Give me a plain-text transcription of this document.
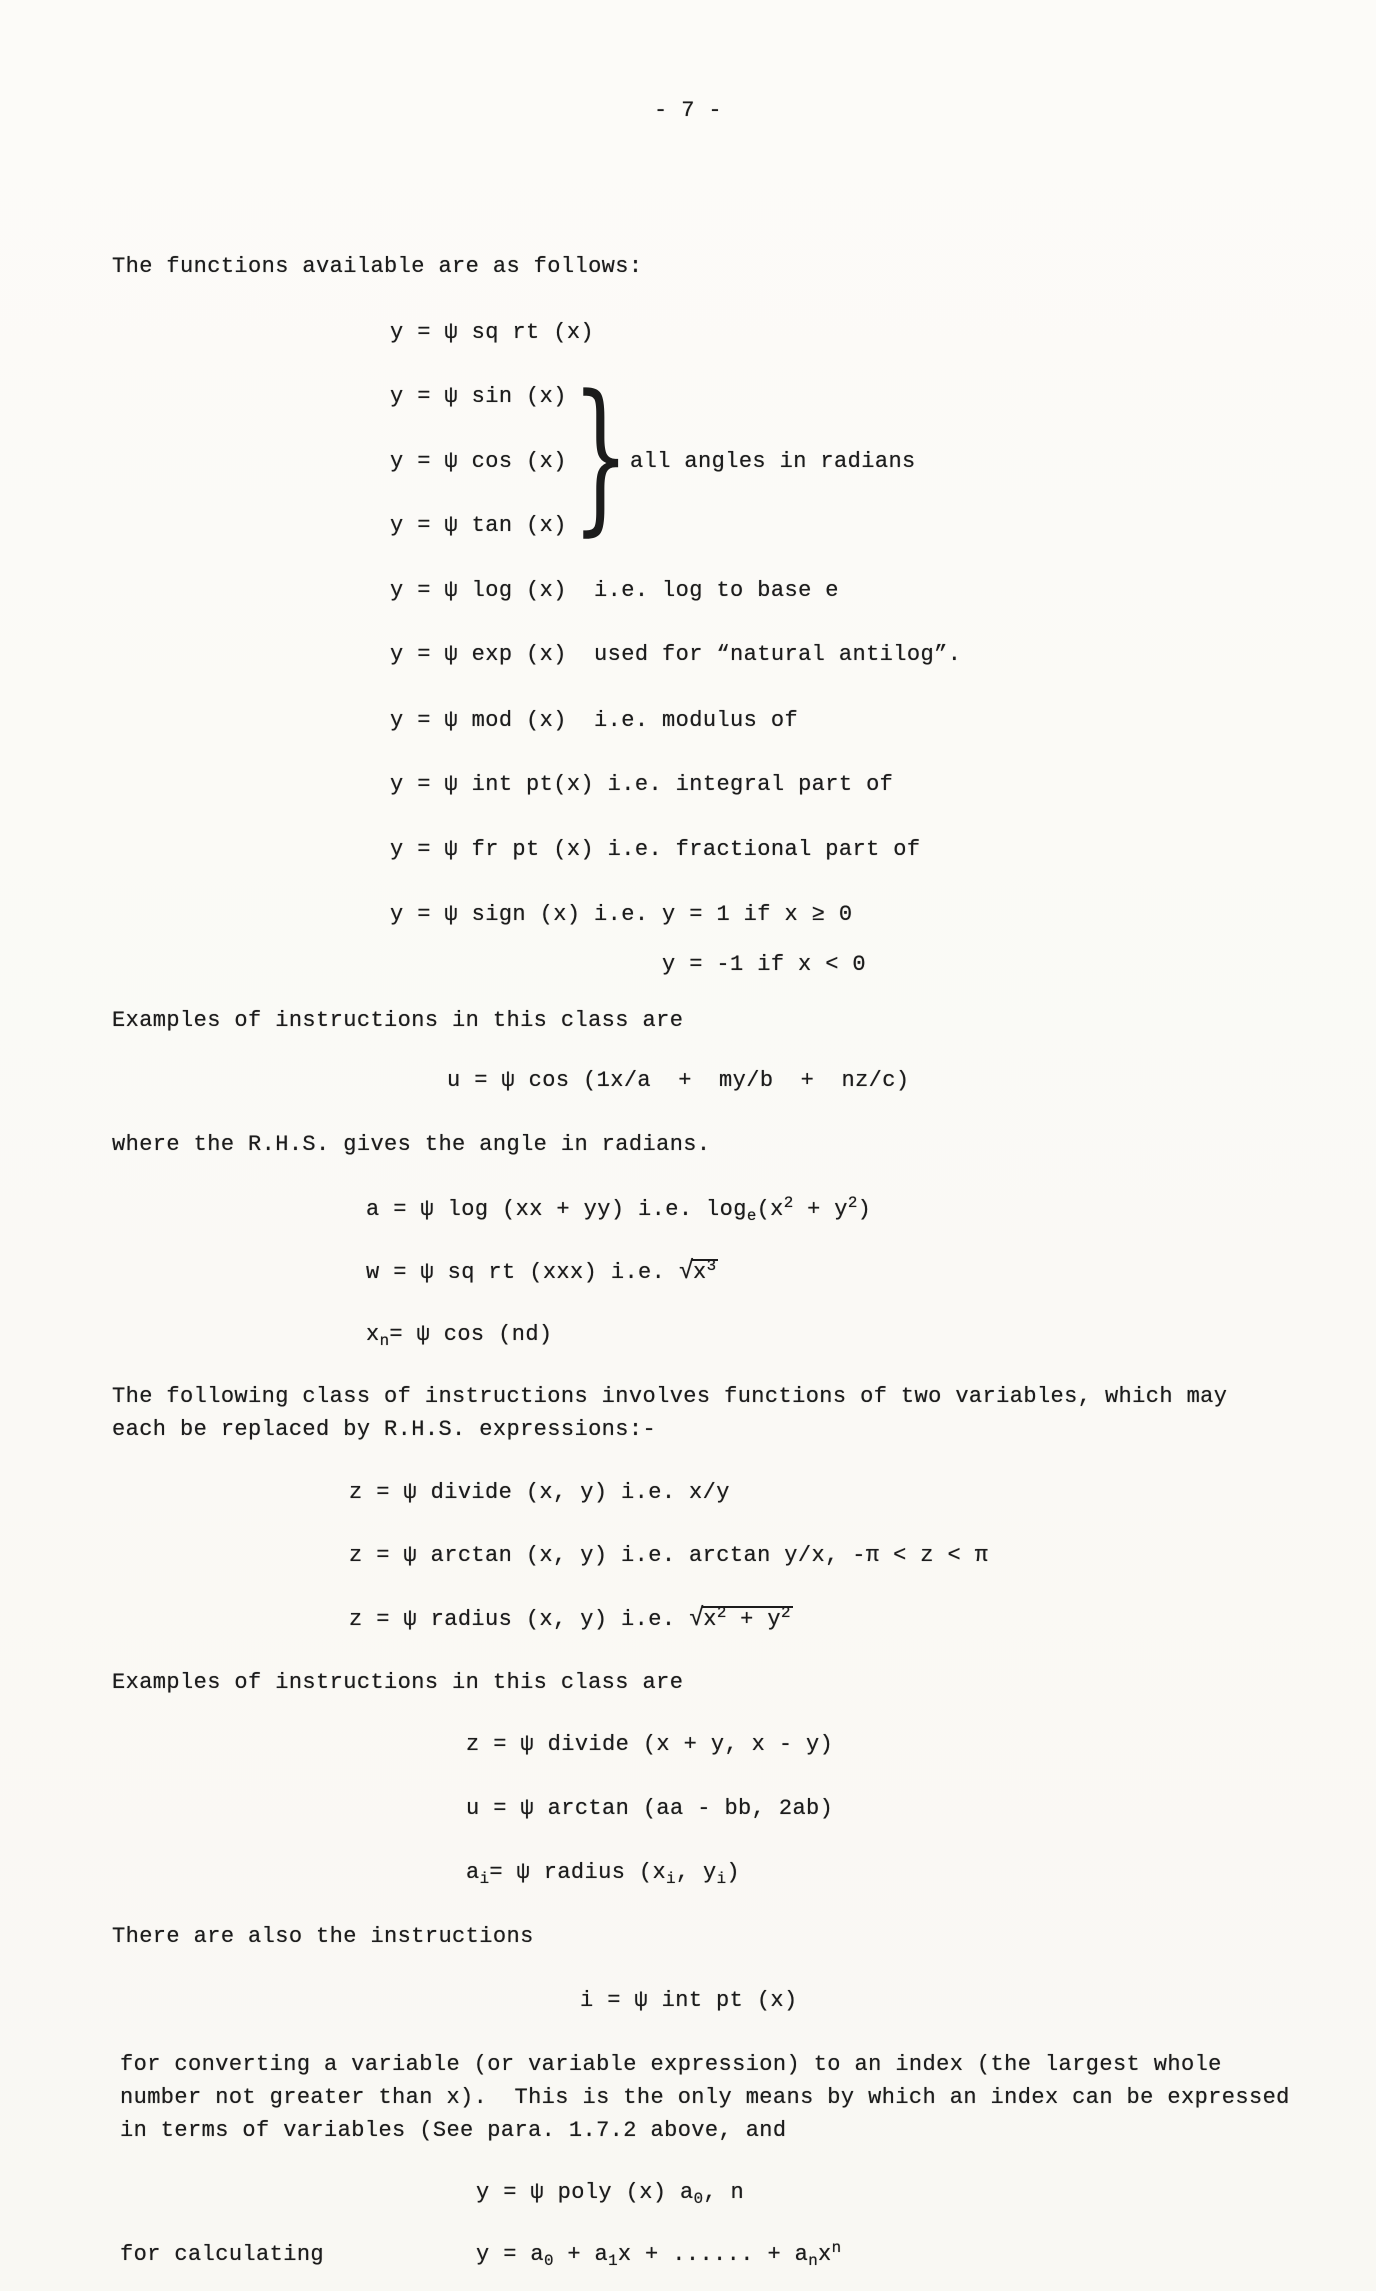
- 7 -
The functions available are as follows:
y = ψ sq rt (x)
y = ψ sin (x)
y = ψ cos (x)
y = ψ tan (x) } all angles in radians
y = ψ log (x)  i.e. log to base e
y = ψ exp (x)  used for “natural antilog”.
y = ψ mod (x)  i.e. modulus of
y = ψ int pt(x) i.e. integral part of
y = ψ fr pt (x) i.e. fractional part of
y = ψ sign (x) i.e. y = 1 if x ≥ 0
y = -1 if x < 0
Examples of instructions in this class are
u = ψ cos (1x/a  +  my/b  +  nz/c)
where the R.H.S. gives the angle in radians.
a = ψ log (xx + yy) i.e. $\log_e(x^2 + y^2)$
w = ψ sq rt (xxx) i.e. $√x^3$
$x_n= \psi$ cos (nd)
The following class of instructions involves functions of two variables, which may
each be replaced by R.H.S. expressions:-
z = ψ divide (x, y) i.e. x/y
z = ψ arctan (x, y) i.e. arctan y/x, -π < z < π
z = ψ radius (x, y) i.e. $√x^2 + y^2$
Examples of instructions in this class are
z = ψ divide (x + y, x - y)
u = ψ arctan (aa - bb, 2ab)
$a_i= \psi$ radius ($x_i$, $y_i$)
There are also the instructions
i = ψ int pt (x)
for converting a variable (or variable expression) to an index (the largest whole
number not greater than x).  This is the only means by which an index can be expressed
in terms of variables (See para. 1.7.2 above, and
y = ψ poly (x) $a_0$, n
for calculating	$y = a_0 + a_1x$ + ...... + $a_nx^n$
